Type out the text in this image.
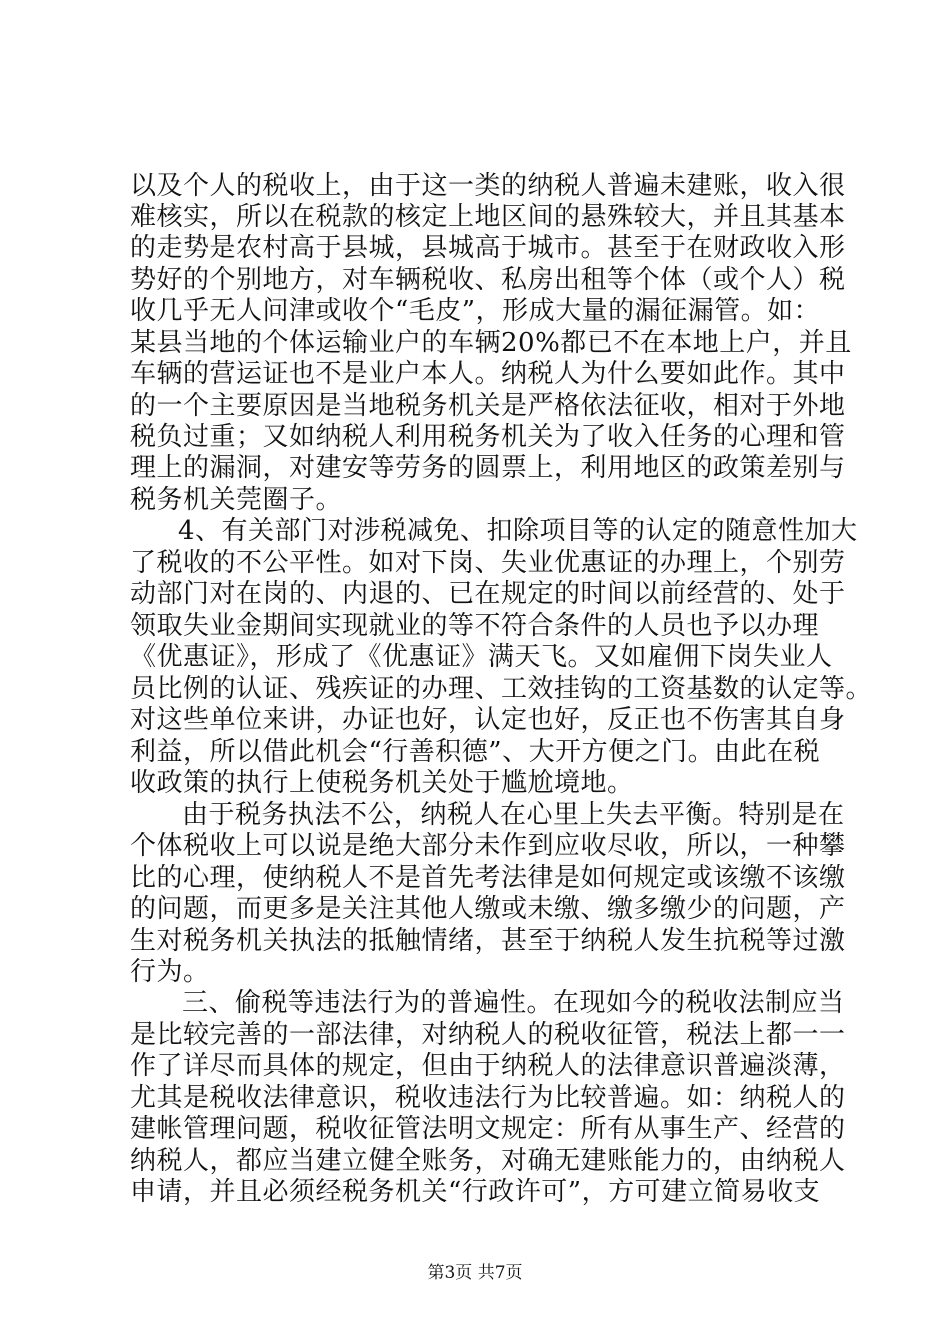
以及个人的税收上，由于这一类的纳税人普遍未建账，收入很
难核实，所以在税款的核定上地区间的悬殊较大，并且其基本
的走势是农村高于县城，县城高于城市。甚至于在财政收入形
势好的个别地方，对车辆税收、私房出租等个体（或个人）税
收几乎无人问津或收个“毛皮”，形成大量的漏征漏管。如：
某县当地的个体运输业户的车辆20%都已不在本地上户，并且
车辆的营运证也不是业户本人。纳税人为什么要如此作。其中
的一个主要原因是当地税务机关是严格依法征收，相对于外地
税负过重；又如纳税人利用税务机关为了收入任务的心理和管
理上的漏洞，对建安等劳务的圆票上，利用地区的政策差别与
税务机关莞圈子。
4、有关部门对涉税减免、扣除项目等的认定的随意性加大
了税收的不公平性。如对下岗、失业优惠证的办理上，个别劳
动部门对在岗的、内退的、已在规定的时间以前经营的、处于
领取失业金期间实现就业的等不符合条件的人员也予以办理
《优惠证》，形成了《优惠证》满天飞。又如雇佣下岗失业人
员比例的认证、残疾证的办理、工效挂钩的工资基数的认定等。
对这些单位来讲，办证也好，认定也好，反正也不伤害其自身
利益，所以借此机会“行善积德”、大开方便之门。由此在税
收政策的执行上使税务机关处于尴尬境地。
由于税务执法不公，纳税人在心里上失去平衡。特别是在
个体税收上可以说是绝大部分未作到应收尽收，所以，一种攀
比的心理，使纳税人不是首先考法律是如何规定或该缴不该缴
的问题，而更多是关注其他人缴或未缴、缴多缴少的问题，产
生对税务机关执法的抵触情绪，甚至于纳税人发生抗税等过激
行为。
三、偷税等违法行为的普遍性。在现如今的税收法制应当
是比较完善的一部法律，对纳税人的税收征管，税法上都一一
作了详尽而具体的规定，但由于纳税人的法律意识普遍淡薄，
尤其是税收法律意识，税收违法行为比较普遍。如：纳税人的
建帐管理问题，税收征管法明文规定：所有从事生产、经营的
纳税人，都应当建立健全账务，对确无建账能力的，由纳税人
申请，并且必须经税务机关“行政许可”，方可建立简易收支
第3页 共7页
